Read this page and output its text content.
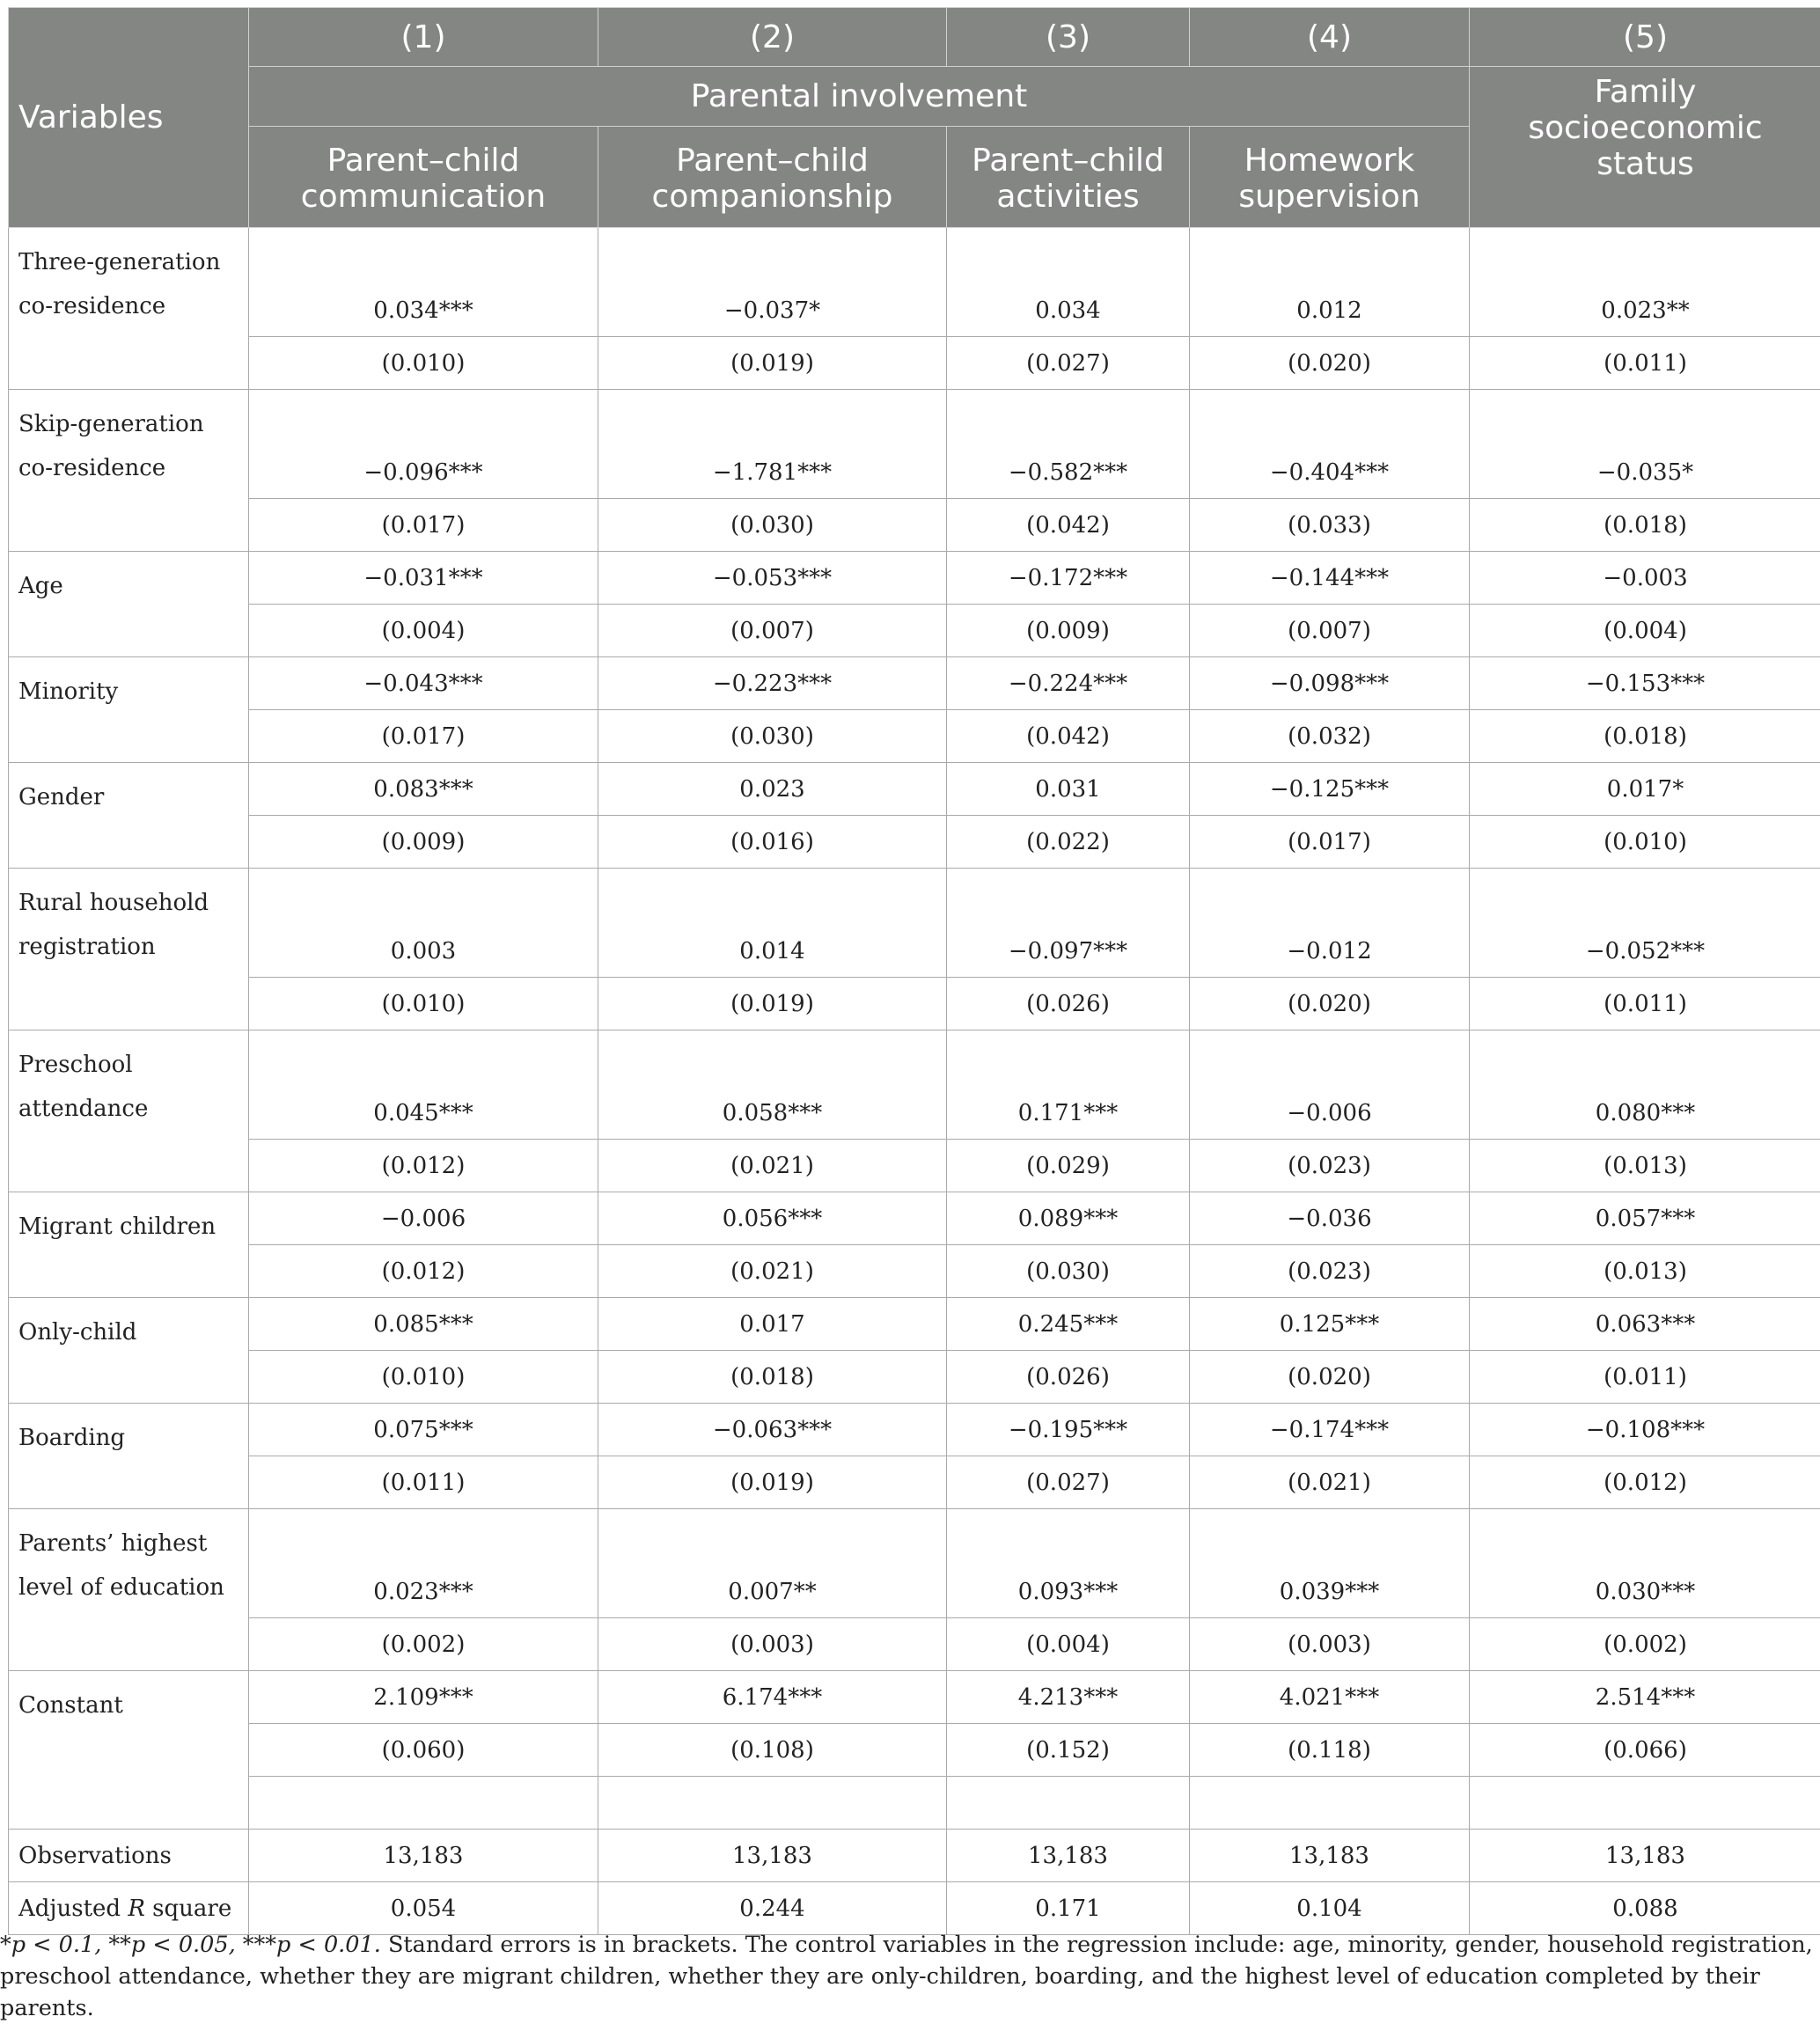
Variables	(1)	(2)	(3)	(4)	(5)
	Parental involvement				Family socioeconomic status
	Parent–child communication	Parent–child companionship	Parent–child activities	Homework supervision	
Three-generation co-residence	0.034***	−0.037*	0.034	0.012	0.023**
	(0.010)	(0.019)	(0.027)	(0.020)	(0.011)
Skip-generation co-residence	−0.096***	−1.781***	−0.582***	−0.404***	−0.035*
	(0.017)	(0.030)	(0.042)	(0.033)	(0.018)
Age	−0.031***	−0.053***	−0.172***	−0.144***	−0.003
	(0.004)	(0.007)	(0.009)	(0.007)	(0.004)
Minority	−0.043***	−0.223***	−0.224***	−0.098***	−0.153***
	(0.017)	(0.030)	(0.042)	(0.032)	(0.018)
Gender	0.083***	0.023	0.031	−0.125***	0.017*
	(0.009)	(0.016)	(0.022)	(0.017)	(0.010)
Rural household registration	0.003	0.014	−0.097***	−0.012	−0.052***
	(0.010)	(0.019)	(0.026)	(0.020)	(0.011)
Preschool attendance	0.045***	0.058***	0.171***	−0.006	0.080***
	(0.012)	(0.021)	(0.029)	(0.023)	(0.013)
Migrant children	−0.006	0.056***	0.089***	−0.036	0.057***
	(0.012)	(0.021)	(0.030)	(0.023)	(0.013)
Only-child	0.085***	0.017	0.245***	0.125***	0.063***
	(0.010)	(0.018)	(0.026)	(0.020)	(0.011)
Boarding	0.075***	−0.063***	−0.195***	−0.174***	−0.108***
	(0.011)	(0.019)	(0.027)	(0.021)	(0.012)
Parents’ highest level of education	0.023***	0.007**	0.093***	0.039***	0.030***
	(0.002)	(0.003)	(0.004)	(0.003)	(0.002)
Constant	2.109***	6.174***	4.213***	4.021***	2.514***
	(0.060)	(0.108)	(0.152)	(0.118)	(0.066)

Observations	13,183	13,183	13,183	13,183	13,183
Adjusted R square	0.054	0.244	0.171	0.104	0.088
*p < 0.1, **p < 0.05, ***p < 0.01. Standard errors is in brackets. The control variables in the regression include: age, minority, gender, household registration, preschool attendance, whether they are migrant children, whether they are only-children, boarding, and the highest level of education completed by their parents.
